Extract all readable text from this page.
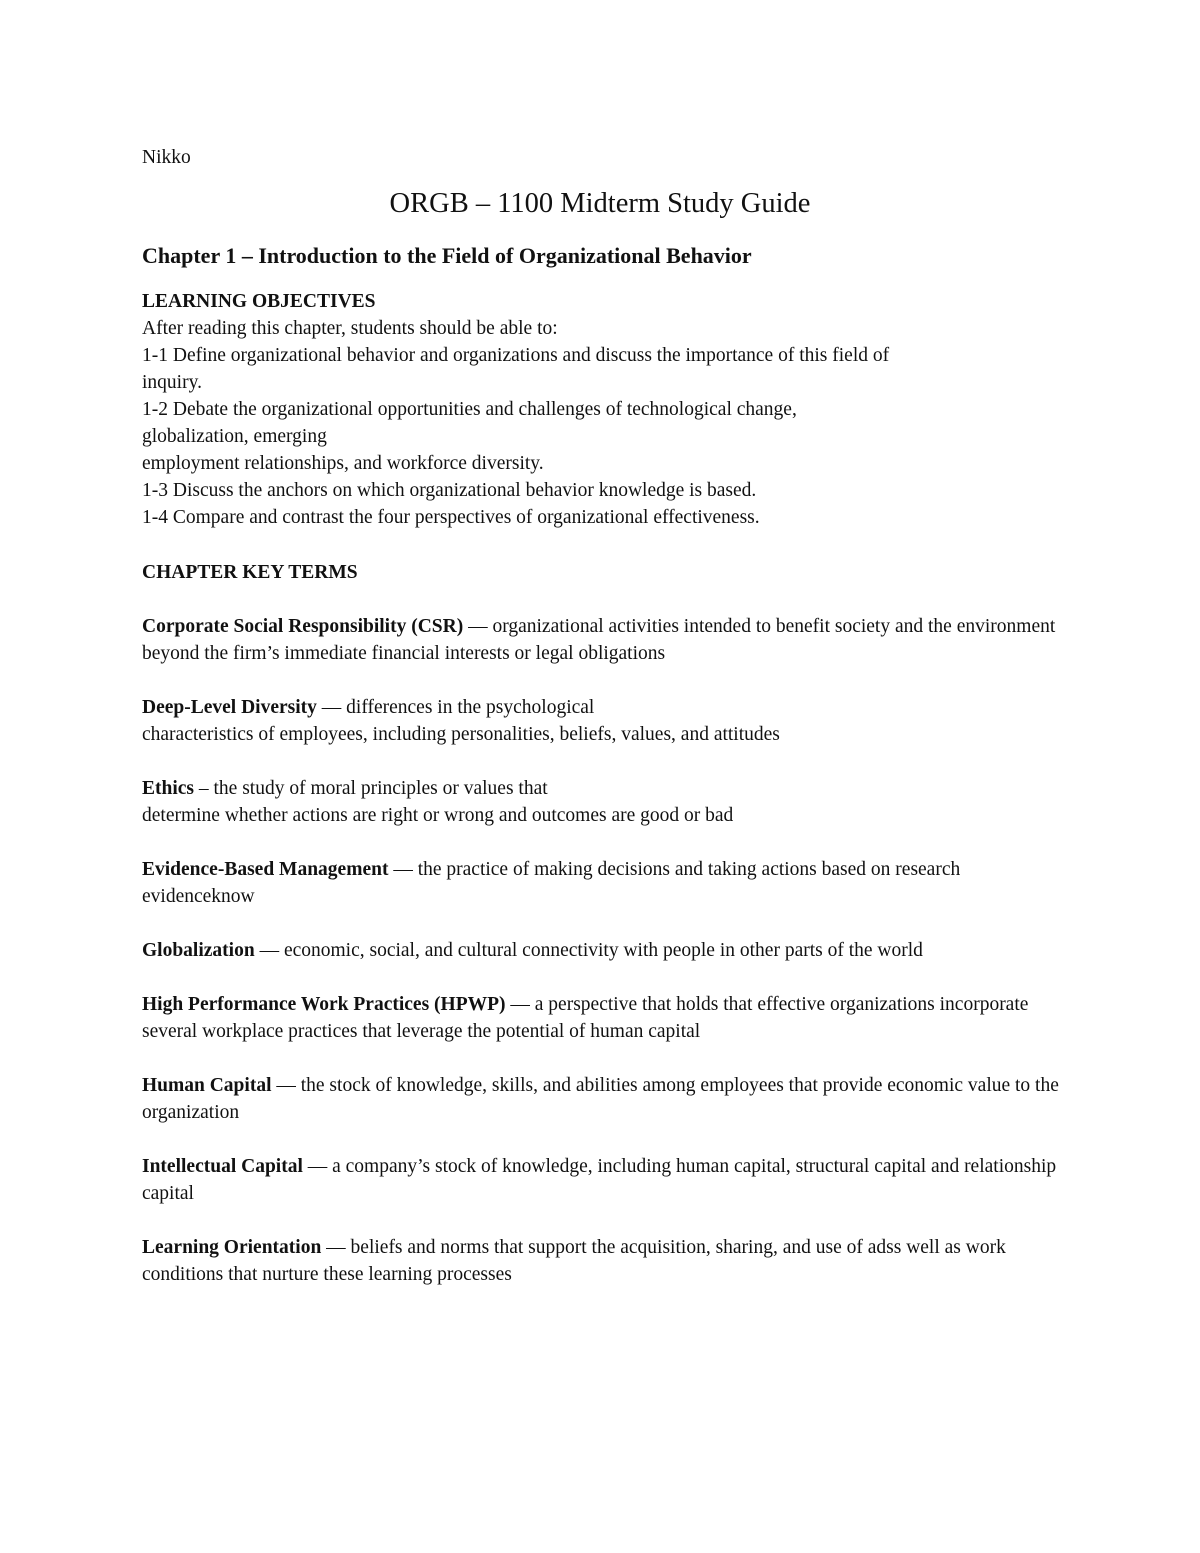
Nikko

ORGB – 1100 Midterm Study Guide
Chapter 1 – Introduction to the Field of Organizational Behavior
LEARNING OBJECTIVES
After reading this chapter, students should be able to:
1-1 Define organizational behavior and organizations and discuss the importance of this field of
inquiry.
1-2 Debate the organizational opportunities and challenges of technological change,
globalization, emerging
employment relationships, and workforce diversity.
1-3 Discuss the anchors on which organizational behavior knowledge is based.
1-4 Compare and contrast the four perspectives of organizational effectiveness.
CHAPTER KEY TERMS
Corporate Social Responsibility (CSR) — organizational activities intended to benefit society and the environment beyond the firm’s immediate financial interests or legal obligations
Deep-Level Diversity — differences in the psychological
characteristics of employees, including personalities, beliefs, values, and attitudes
Ethics – the study of moral principles or values that
determine whether actions are right or wrong and outcomes are good or bad
Evidence-Based Management — the practice of making decisions and taking actions based on research evidenceknow
Globalization — economic, social, and cultural connectivity with people in other parts of the world
High Performance Work Practices (HPWP) — a perspective that holds that effective organizations incorporate several workplace practices that leverage the potential of human capital
Human Capital — the stock of knowledge, skills, and abilities among employees that provide economic value to the organization
Intellectual Capital — a company’s stock of knowledge, including human capital, structural capital and relationship capital
Learning Orientation — beliefs and norms that support the acquisition, sharing, and use of adss well as work conditions that nurture these learning processes
